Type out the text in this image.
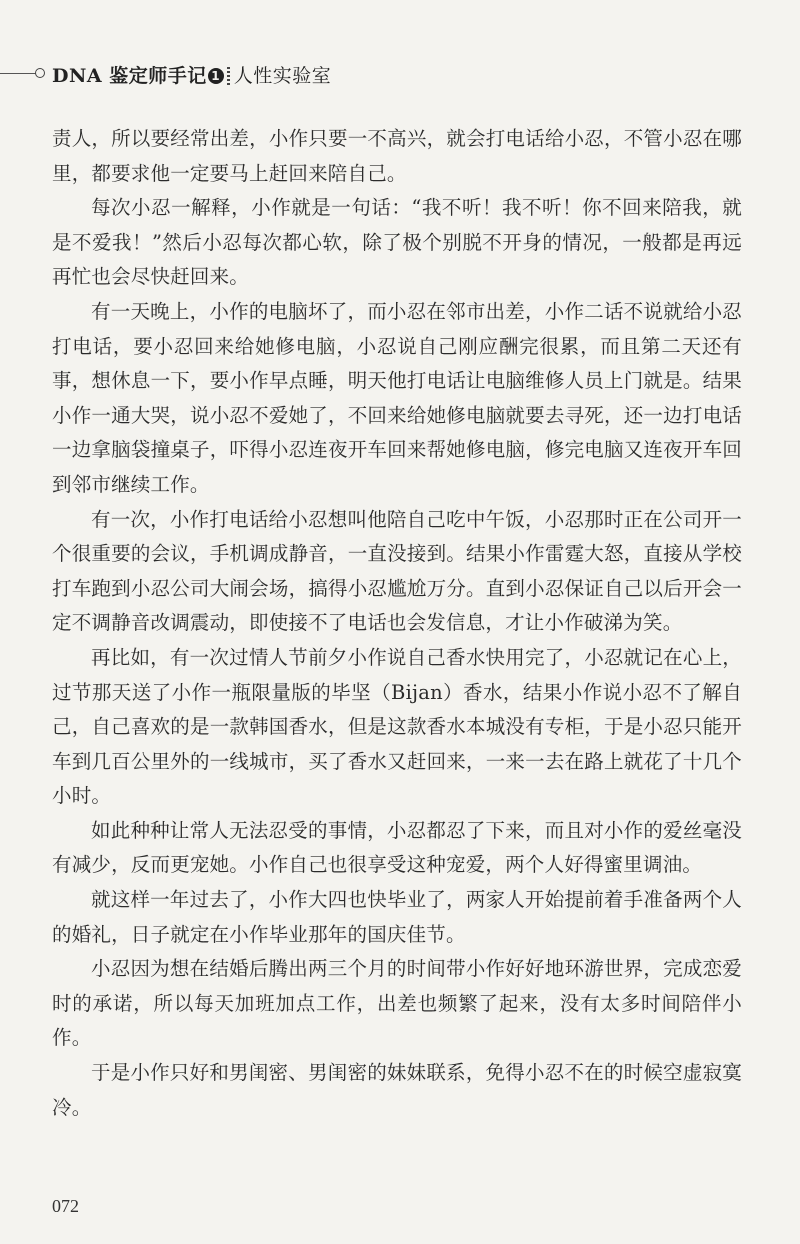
DNA 鉴定师手记 1 人性实验室

责人，所以要经常出差，小作只要一不高兴，就会打电话给小忍，不管小忍在哪里，都要求他一定要马上赶回来陪自己。

每次小忍一解释，小作就是一句话：“我不听！我不听！你不回来陪我，就是不爱我！”然后小忍每次都心软，除了极个别脱不开身的情况，一般都是再远再忙也会尽快赶回来。

有一天晚上，小作的电脑坏了，而小忍在邻市出差，小作二话不说就给小忍打电话，要小忍回来给她修电脑，小忍说自己刚应酬完很累，而且第二天还有事，想休息一下，要小作早点睡，明天他打电话让电脑维修人员上门就是。结果小作一通大哭，说小忍不爱她了，不回来给她修电脑就要去寻死，还一边打电话一边拿脑袋撞桌子，吓得小忍连夜开车回来帮她修电脑，修完电脑又连夜开车回到邻市继续工作。

有一次，小作打电话给小忍想叫他陪自己吃中午饭，小忍那时正在公司开一个很重要的会议，手机调成静音，一直没接到。结果小作雷霆大怒，直接从学校打车跑到小忍公司大闹会场，搞得小忍尴尬万分。直到小忍保证自己以后开会一定不调静音改调震动，即使接不了电话也会发信息，才让小作破涕为笑。

再比如，有一次过情人节前夕小作说自己香水快用完了，小忍就记在心上，过节那天送了小作一瓶限量版的毕坚（Bijan）香水，结果小作说小忍不了解自己，自己喜欢的是一款韩国香水，但是这款香水本城没有专柜，于是小忍只能开车到几百公里外的一线城市，买了香水又赶回来，一来一去在路上就花了十几个小时。

如此种种让常人无法忍受的事情，小忍都忍了下来，而且对小作的爱丝毫没有减少，反而更宠她。小作自己也很享受这种宠爱，两个人好得蜜里调油。

就这样一年过去了，小作大四也快毕业了，两家人开始提前着手准备两个人的婚礼，日子就定在小作毕业那年的国庆佳节。

小忍因为想在结婚后腾出两三个月的时间带小作好好地环游世界，完成恋爱时的承诺，所以每天加班加点工作，出差也频繁了起来，没有太多时间陪伴小作。

于是小作只好和男闺密、男闺密的妹妹联系，免得小忍不在的时候空虚寂寞冷。

072
